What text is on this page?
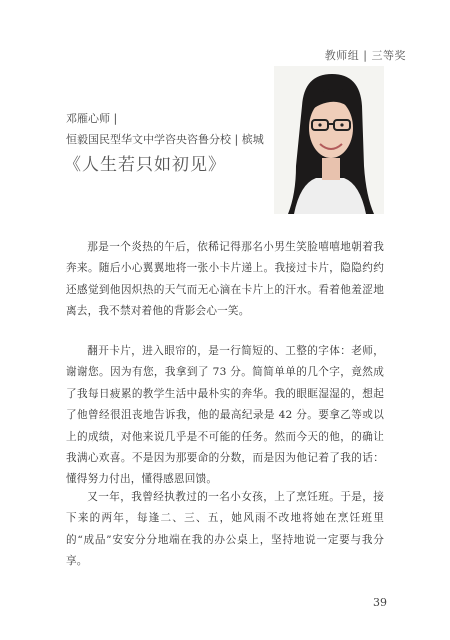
教师组 | 三等奖
邓雁心师 |
恒毅国民型华文中学咨央咨鲁分校 | 槟城
《人生若只如初见》

那是一个炎热的午后，依稀记得那名小男生笑脸嘻嘻地朝着我奔来。随后小心翼翼地将一张小卡片递上。我接过卡片，隐隐约约还感觉到他因炽热的天气而无心滴在卡片上的汗水。看着他羞涩地离去，我不禁对着他的背影会心一笑。

翻开卡片，进入眼帘的，是一行简短的、工整的字体：老师，谢谢您。因为有您，我拿到了 73 分。简简单单的几个字，竟然成了我每日疲累的教学生活中最朴实的奔华。我的眼眶湿湿的，想起了他曾经很沮丧地告诉我，他的最高纪录是 42 分。要拿乙等或以上的成绩，对他来说几乎是不可能的任务。然而今天的他，的确让我满心欢喜。不是因为那要命的分数，而是因为他记着了我的话：懂得努力付出，懂得感恩回馈。

又一年，我曾经执教过的一名小女孩，上了烹饪班。于是，接下来的两年，每逢二、三、五，她风雨不改地将她在烹饪班里的“成品”安安分分地端在我的办公桌上，坚持地说一定要与我分享。

39
